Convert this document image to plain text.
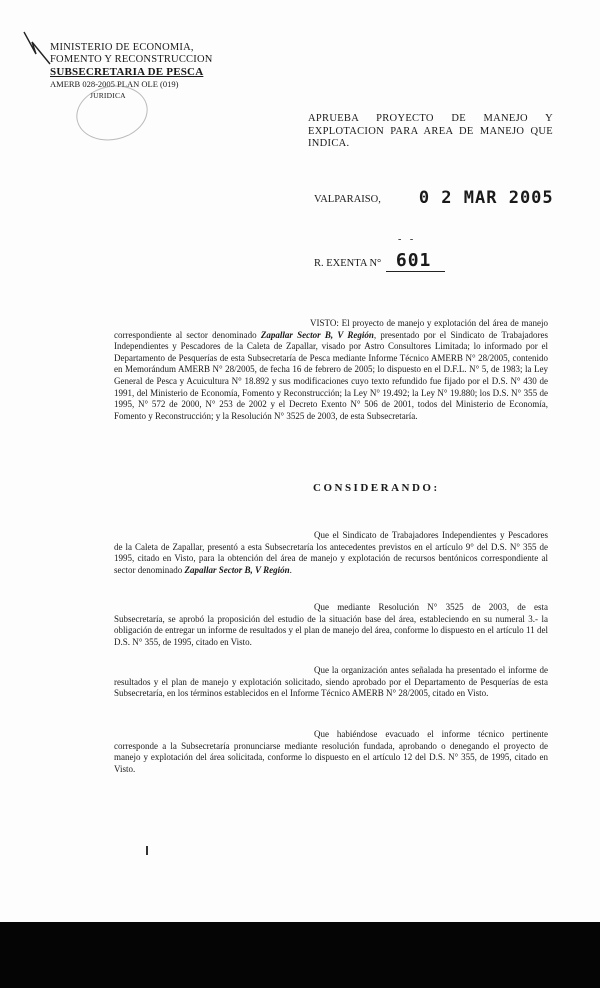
MINISTERIO DE ECONOMIA,
FOMENTO Y RECONSTRUCCION
SUBSECRETARIA DE PESCA
AMERB 028-2005 PLAN OLE (019)
JURIDICA
APRUEBA PROYECTO DE MANEJO Y EXPLOTACION PARA AREA DE MANEJO QUE INDICA.
VALPARAISO, 0 2 MAR 2005
- -
R. EXENTA N° 601
VISTO: El proyecto de manejo y explotación del área de manejo correspondiente al sector denominado Zapallar Sector B, V Región, presentado por el Sindicato de Trabajadores Independientes y Pescadores de la Caleta de Zapallar, visado por Astro Consultores Limitada; lo informado por el Departamento de Pesquerías de esta Subsecretaría de Pesca mediante Informe Técnico AMERB N° 28/2005, contenido en Memorándum AMERB N° 28/2005, de fecha 16 de febrero de 2005; lo dispuesto en el D.F.L. N° 5, de 1983; la Ley General de Pesca y Acuicultura N° 18.892 y sus modificaciones cuyo texto refundido fue fijado por el D.S. N° 430 de 1991, del Ministerio de Economía, Fomento y Reconstrucción; la Ley N° 19.492; la Ley N° 19.880; los D.S. N° 355 de 1995, N° 572 de 2000, N° 253 de 2002 y el Decreto Exento N° 506 de 2001, todos del Ministerio de Economía, Fomento y Reconstrucción; y la Resolución N° 3525 de 2003, de esta Subsecretaría.
CONSIDERANDO:
Que el Sindicato de Trabajadores Independientes y Pescadores de la Caleta de Zapallar, presentó a esta Subsecretaría los antecedentes previstos en el artículo 9° del D.S. N° 355 de 1995, citado en Visto, para la obtención del área de manejo y explotación de recursos bentónicos correspondiente al sector denominado Zapallar Sector B, V Región.
Que mediante Resolución N° 3525 de 2003, de esta Subsecretaría, se aprobó la proposición del estudio de la situación base del área, estableciendo en su numeral 3.- la obligación de entregar un informe de resultados y el plan de manejo del área, conforme lo dispuesto en el artículo 11 del D.S. N° 355, de 1995, citado en Visto.
Que la organización antes señalada ha presentado el informe de resultados y el plan de manejo y explotación solicitado, siendo aprobado por el Departamento de Pesquerías de esta Subsecretaría, en los términos establecidos en el Informe Técnico AMERB N° 28/2005, citado en Visto.
Que habiéndose evacuado el informe técnico pertinente corresponde a la Subsecretaría pronunciarse mediante resolución fundada, aprobando o denegando el proyecto de manejo y explotación del área solicitada, conforme lo dispuesto en el artículo 12 del D.S. N° 355, de 1995, citado en Visto.
